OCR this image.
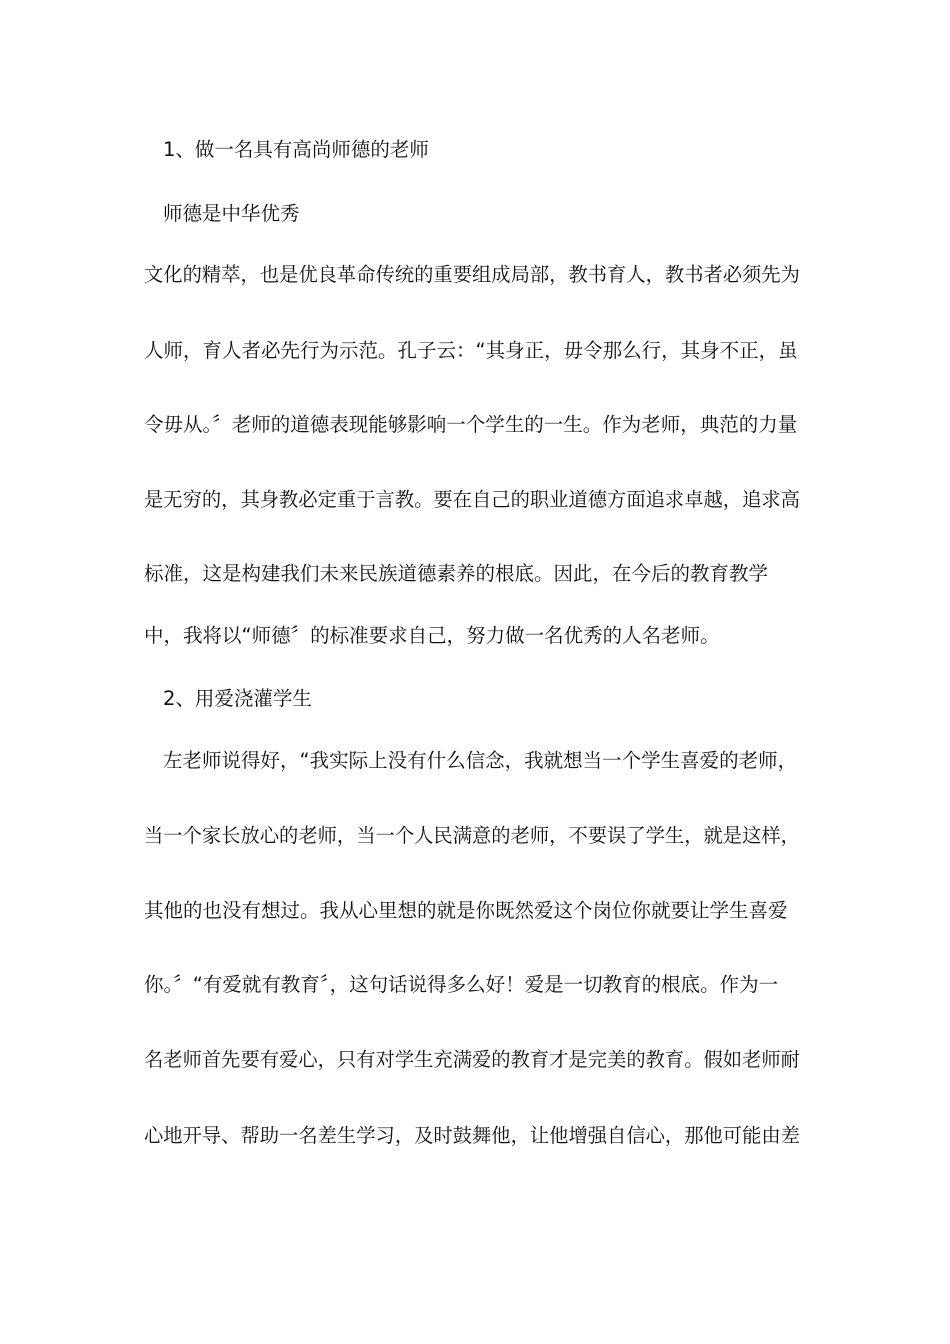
1、做一名具有高尚师德的老师
师德是中华优秀
文化的精萃，也是优良革命传统的重要组成局部，教书育人，教书者必须先为
人师，育人者必先行为示范。孔子云：“其身正，毋令那么行，其身不正，虽
令毋从。〞老师的道德表现能够影响一个学生的一生。作为老师，典范的力量
是无穷的，其身教必定重于言教。要在自己的职业道德方面追求卓越，追求高
标准，这是构建我们未来民族道德素养的根底。因此，在今后的教育教学
中，我将以“师德〞的标准要求自己，努力做一名优秀的人名老师。
2、用爱浇灌学生
左老师说得好，“我实际上没有什么信念，我就想当一个学生喜爱的老师，
当一个家长放心的老师，当一个人民满意的老师，不要误了学生，就是这样，
其他的也没有想过。我从心里想的就是你既然爱这个岗位你就要让学生喜爱
你。〞“有爱就有教育〞，这句话说得多么好！爱是一切教育的根底。作为一
名老师首先要有爱心，只有对学生充满爱的教育才是完美的教育。假如老师耐
心地开导、帮助一名差生学习，及时鼓舞他，让他增强自信心，那他可能由差
